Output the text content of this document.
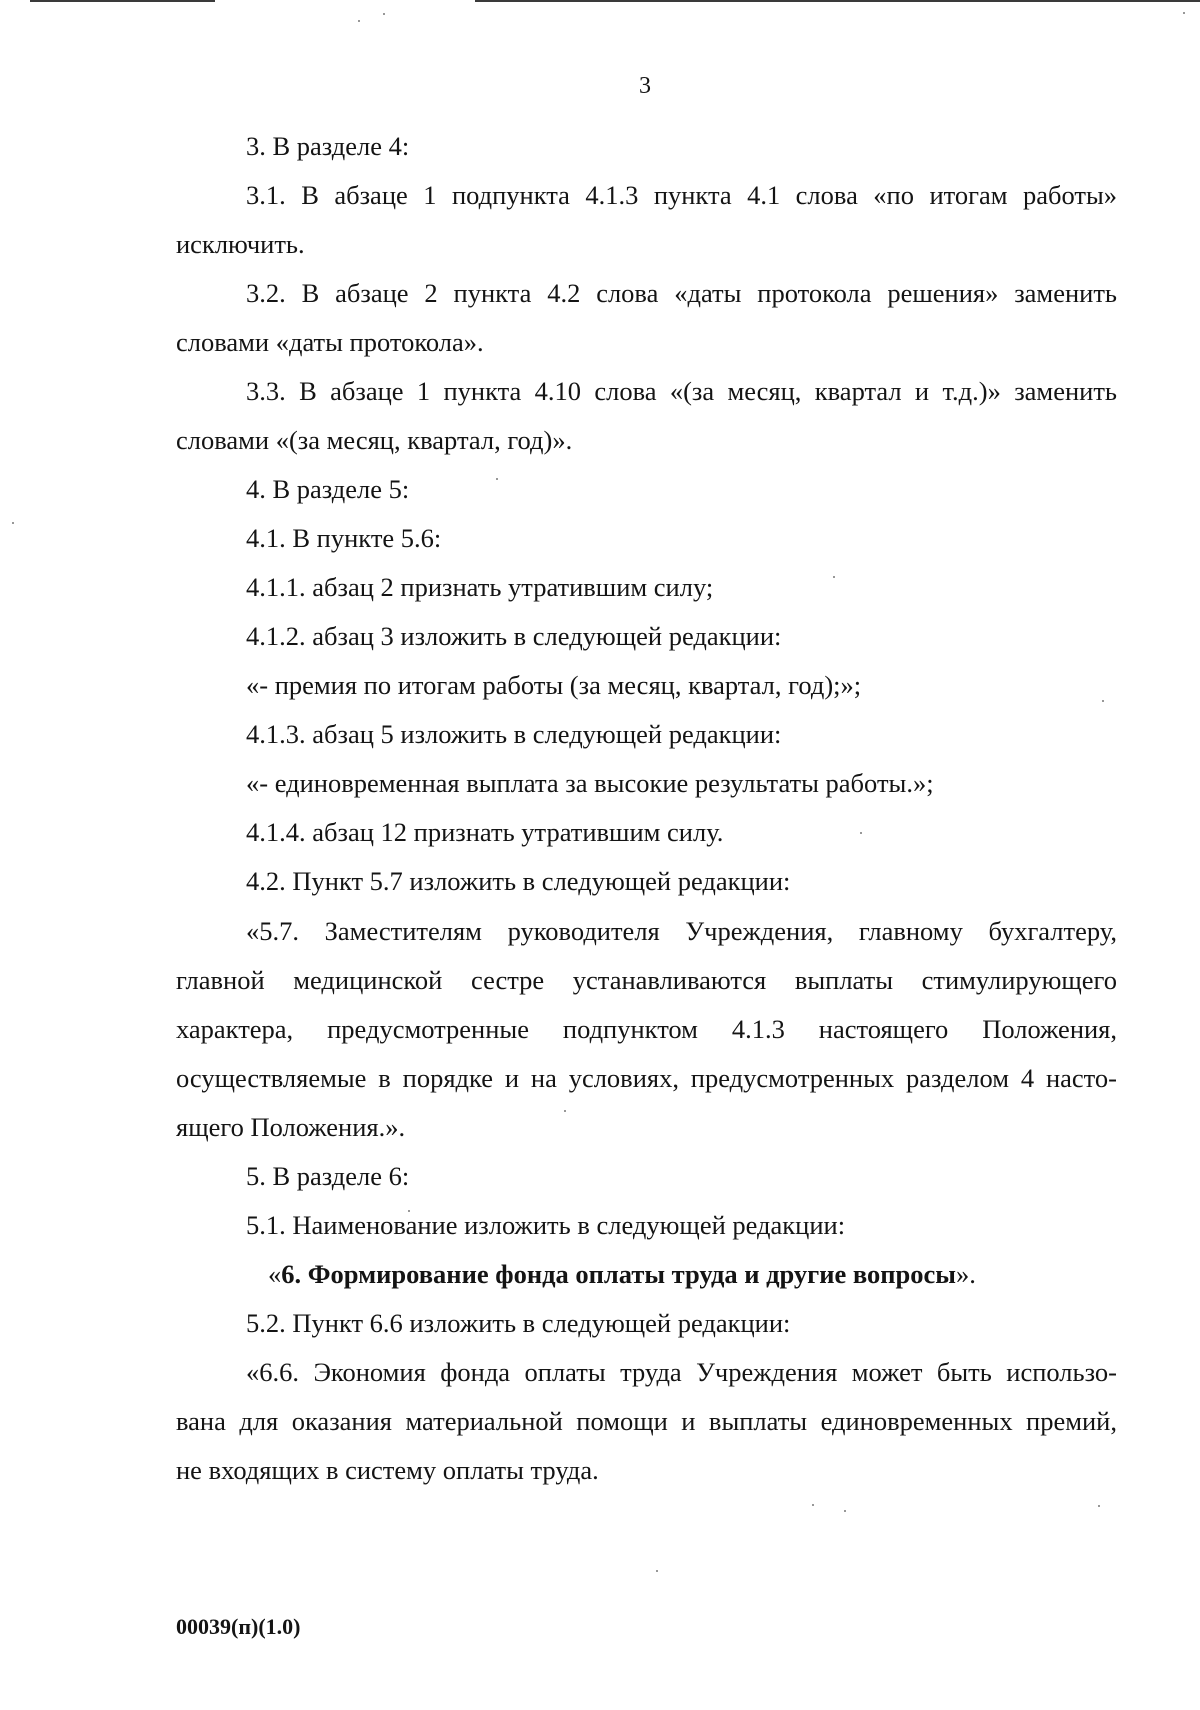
3
3. В разделе 4:
3.1. В абзаце 1 подпункта 4.1.3 пункта 4.1 слова «по итогам работы»
исключить.
3.2. В абзаце 2 пункта 4.2 слова «даты протокола решения» заменить
словами «даты протокола».
3.3. В абзаце 1 пункта 4.10 слова «(за месяц, квартал и т.д.)» заменить
словами «(за месяц, квартал, год)».
4. В разделе 5:
4.1. В пункте 5.6:
4.1.1. абзац 2 признать утратившим силу;
4.1.2. абзац 3 изложить в следующей редакции:
«- премия по итогам работы (за месяц, квартал, год);»;
4.1.3. абзац 5 изложить в следующей редакции:
«- единовременная выплата за высокие результаты работы.»;
4.1.4. абзац 12 признать утратившим силу.
4.2. Пункт 5.7 изложить в следующей редакции:
«5.7. Заместителям руководителя Учреждения, главному бухгалтеру,
главной медицинской сестре устанавливаются выплаты стимулирующего
характера, предусмотренные подпунктом 4.1.3 настоящего Положения,
осуществляемые в порядке и на условиях, предусмотренных разделом 4 насто-
ящего Положения.».
5. В разделе 6:
5.1. Наименование изложить в следующей редакции:
«6. Формирование фонда оплаты труда и другие вопросы».
5.2. Пункт 6.6 изложить в следующей редакции:
«6.6. Экономия фонда оплаты труда Учреждения может быть использо-
вана для оказания материальной помощи и выплаты единовременных премий,
не входящих в систему оплаты труда.
00039(п)(1.0)
